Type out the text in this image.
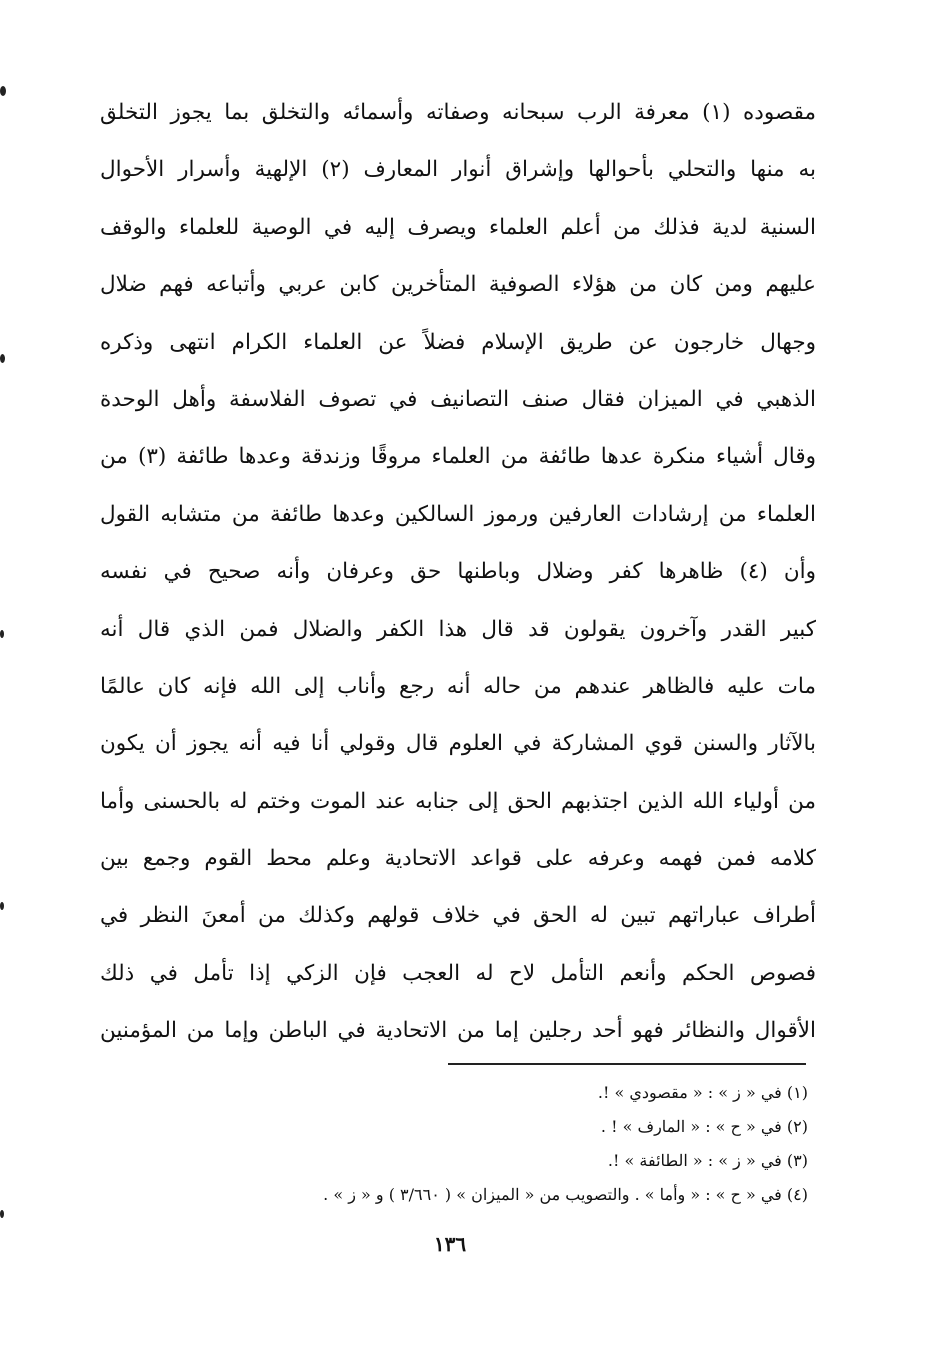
مقصوده (١) معرفة الرب سبحانه وصفاته وأسمائه والتخلق بما يجوز التخلق
به منها والتحلي بأحوالها وإشراق أنوار المعارف (٢) الإلهية وأسرار الأحوال
السنية لدية فذلك من أعلم العلماء ويصرف إليه في الوصية للعلماء والوقف
عليهم ومن كان من هؤلاء الصوفية المتأخرين كابن عربي وأتباعه فهم ضلال
وجهال خارجون عن طريق الإسلام فضلاً عن العلماء الكرام انتهى وذكره
الذهبي في الميزان فقال صنف التصانيف في تصوف الفلاسفة وأهل الوحدة
وقال أشياء منكرة عدها طائفة من العلماء مروقًا وزندقة وعدها طائفة (٣) من
العلماء من إرشادات العارفين ورموز السالكين وعدها طائفة من متشابه القول
وأن (٤) ظاهرها كفر وضلال وباطنها حق وعرفان وأنه صحيح في نفسه
كبير القدر وآخرون يقولون قد قال هذا الكفر والضلال فمن الذي قال أنه
مات عليه فالظاهر عندهم من حاله أنه رجع وأناب إلى الله فإنه كان عالمًا
بالآثار والسنن قوي المشاركة في العلوم قال وقولي أنا فيه أنه يجوز أن يكون
من أولياء الله الذين اجتذبهم الحق إلى جنابه عند الموت وختم له بالحسنى وأما
كلامه فمن فهمه وعرفه على قواعد الاتحادية وعلم محط القوم وجمع بين
أطراف عباراتهم تبين له الحق في خلاف قولهم وكذلك من أمعنَ النظر في
فصوص الحكم وأنعم التأمل لاح له العجب فإن الزكي إذا تأمل في ذلك
الأقوال والنظائر فهو أحد رجلين إما من الاتحادية في الباطن وإما من المؤمنين
(١) في « ز » : « مقصودي » !.
(٢) في « ح » : « المارف » ! .
(٣) في « ز » : « الطائفة » !.
(٤) في « ح » : « وأما » . والتصويب من « الميزان » ( ٣/٦٦٠ ) و « ز » .
١٣٦
